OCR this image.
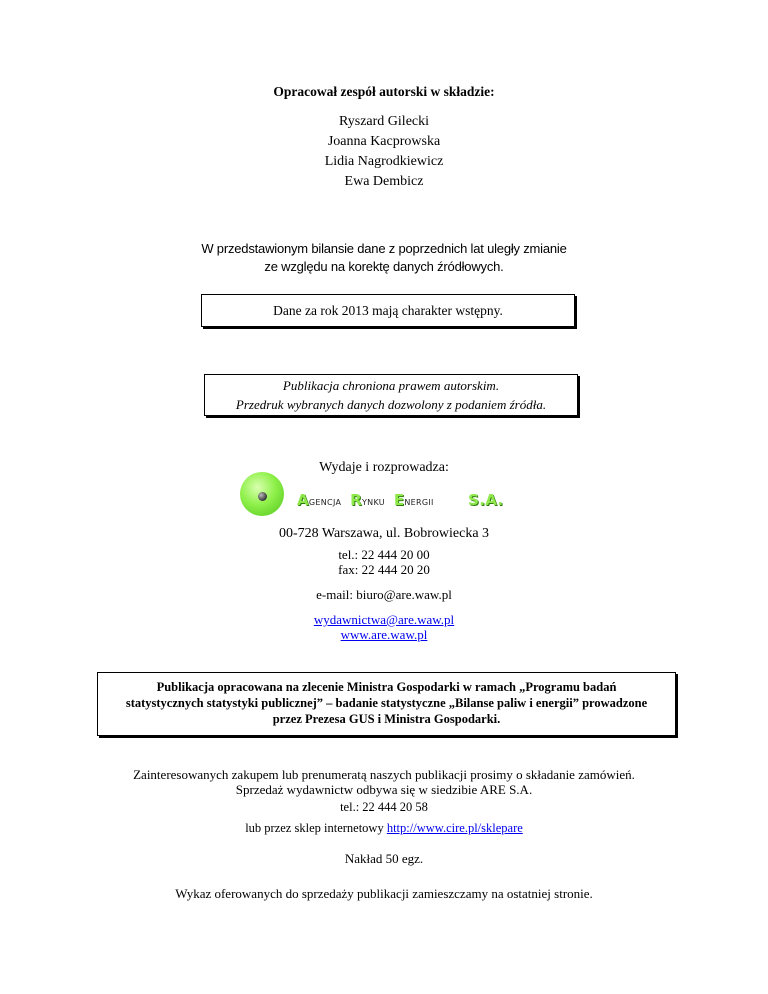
Opracował zespół autorski w składzie:
Ryszard Gilecki
Joanna Kacprowska
Lidia Nagrodkiewicz
Ewa Dembicz
W przedstawionym bilansie dane z poprzednich lat uległy zmianie
ze względu na korektę danych źródłowych.
Dane za rok 2013 mają charakter wstępny.
Publikacja chroniona prawem autorskim.
Przedruk wybranych danych dozwolony z podaniem źródła.
Wydaje i rozprowadza:
Agencja Rynku Energii S.A.
00-728 Warszawa, ul. Bobrowiecka 3
tel.: 22 444 20 00
fax: 22 444 20 20
e-mail: biuro@are.waw.pl
wydawnictwa@are.waw.pl
www.are.waw.pl
Publikacja opracowana na zlecenie Ministra Gospodarki w ramach „Programu badań
statystycznych statystyki publicznej” – badanie statystyczne „Bilanse paliw i energii” prowadzone
przez Prezesa GUS i Ministra Gospodarki.
Zainteresowanych zakupem lub prenumeratą naszych publikacji prosimy o składanie zamówień.
Sprzedaż wydawnictw odbywa się w siedzibie ARE S.A.
tel.: 22 444 20 58
lub przez sklep internetowy http://www.cire.pl/sklepare
Nakład 50 egz.
Wykaz oferowanych do sprzedaży publikacji zamieszczamy na ostatniej stronie.
